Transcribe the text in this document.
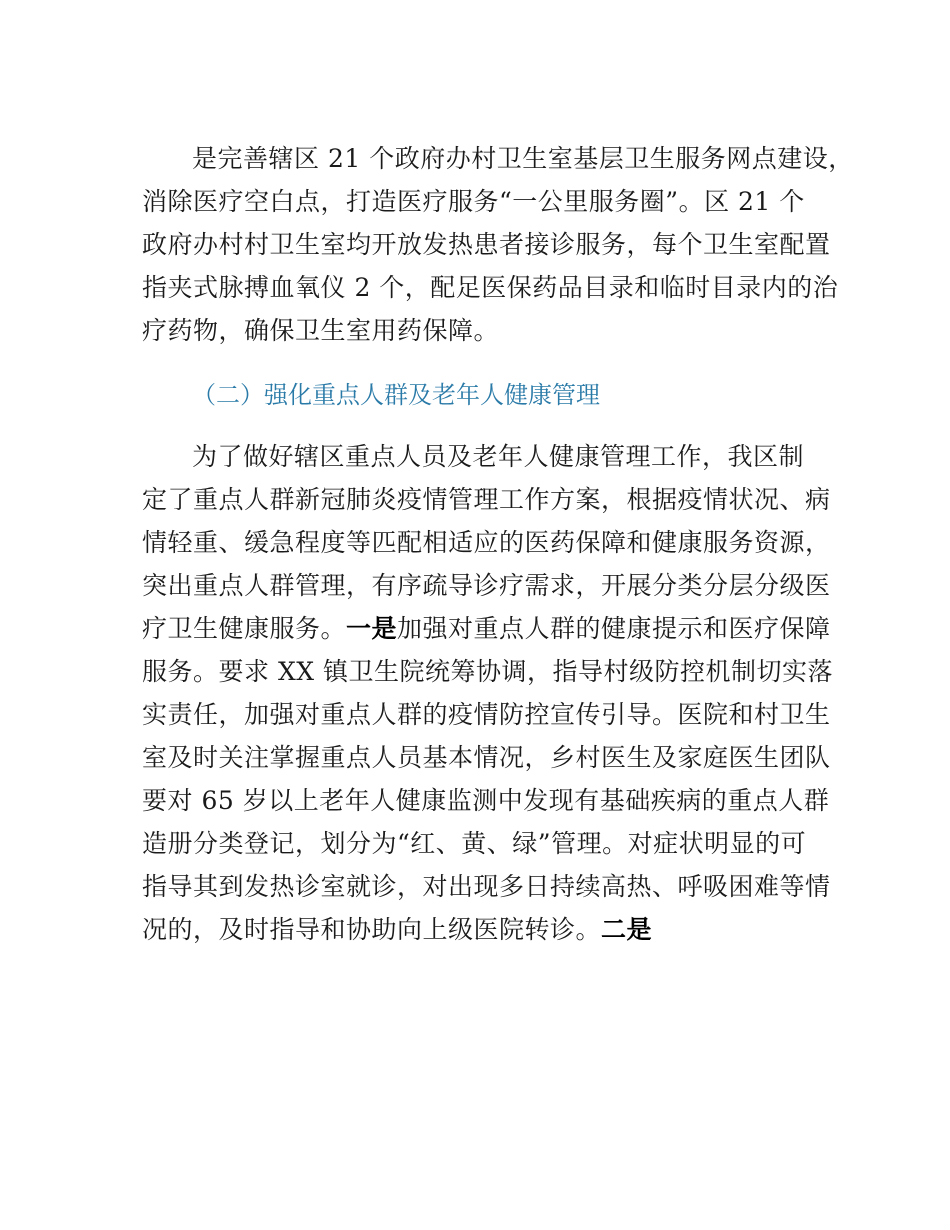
是完善辖区 21 个政府办村卫生室基层卫生服务网点建设，
消除医疗空白点，打造医疗服务“一公里服务圈”。区 21 个
政府办村村卫生室均开放发热患者接诊服务，每个卫生室配置
指夹式脉搏血氧仪 2 个，配足医保药品目录和临时目录内的治
疗药物，确保卫生室用药保障。
（二）强化重点人群及老年人健康管理
为了做好辖区重点人员及老年人健康管理工作，我区制
定了重点人群新冠肺炎疫情管理工作方案，根据疫情状况、病
情轻重、缓急程度等匹配相适应的医药保障和健康服务资源，
突出重点人群管理，有序疏导诊疗需求，开展分类分层分级医
疗卫生健康服务。一是加强对重点人群的健康提示和医疗保障
服务。要求 XX 镇卫生院统筹协调，指导村级防控机制切实落
实责任，加强对重点人群的疫情防控宣传引导。医院和村卫生
室及时关注掌握重点人员基本情况，乡村医生及家庭医生团队
要对 65 岁以上老年人健康监测中发现有基础疾病的重点人群
造册分类登记，划分为“红、黄、绿”管理。对症状明显的可
指导其到发热诊室就诊，对出现多日持续高热、呼吸困难等情
况的，及时指导和协助向上级医院转诊。二是
